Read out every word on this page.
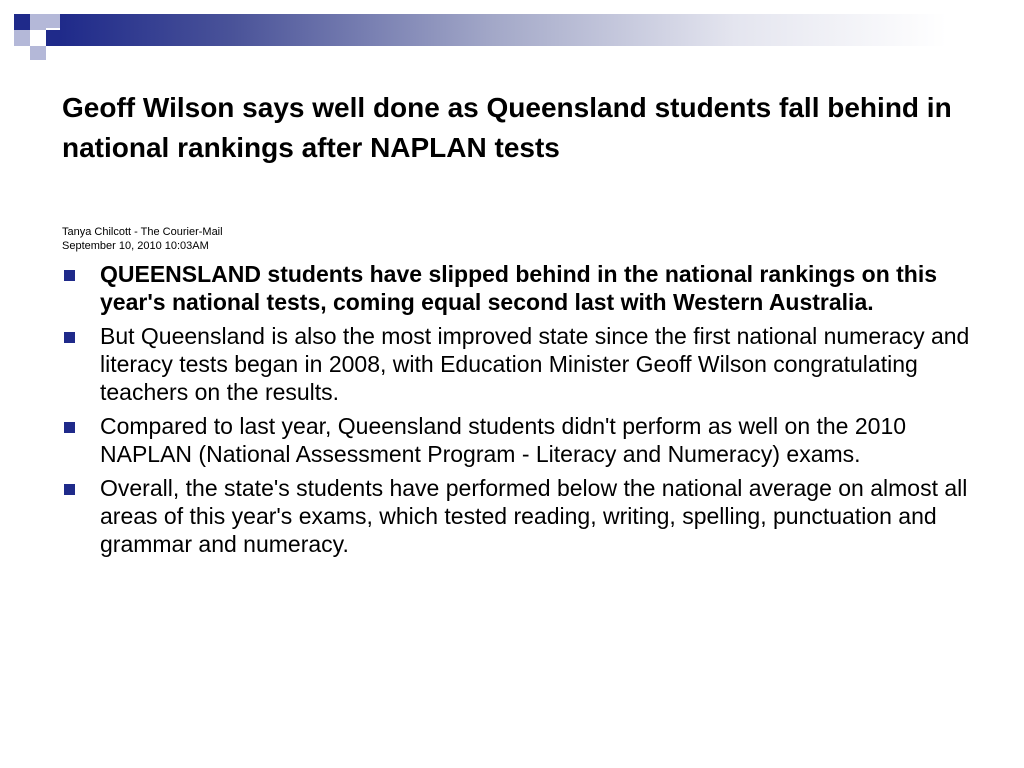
Geoff Wilson says well done as Queensland students fall behind in national rankings after NAPLAN tests
Tanya Chilcott - The Courier-Mail
September 10, 2010 10:03AM
QUEENSLAND students have slipped behind in the national rankings on this year's national tests, coming equal second last with Western Australia.
But Queensland is also the most improved state since the first national numeracy and literacy tests began in 2008, with Education Minister Geoff Wilson congratulating teachers on the results.
Compared to last year, Queensland students didn't perform as well on the 2010 NAPLAN (National Assessment Program - Literacy and Numeracy) exams.
Overall, the state's students have performed below the national average on almost all areas of this year's exams, which tested reading, writing, spelling, punctuation and grammar and numeracy.
